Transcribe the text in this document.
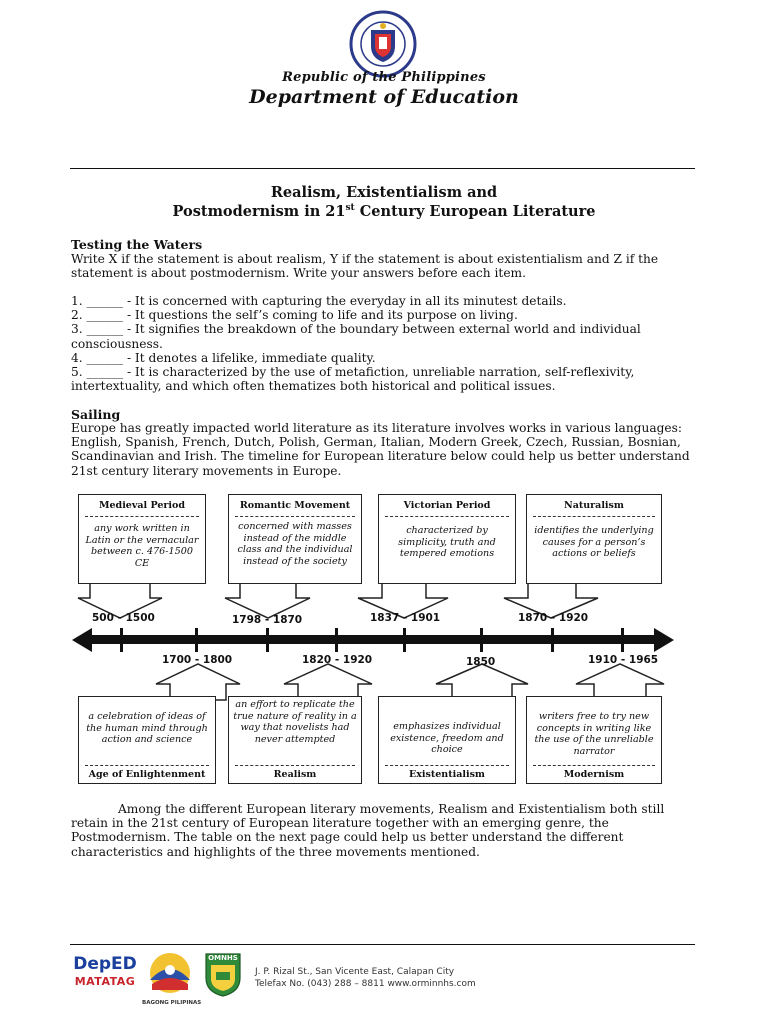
Republic of the Philippines
Department of Education
Realism, Existentialism and
Postmodernism in 21st Century European Literature
Testing the Waters
Write X if the statement is about realism, Y if the statement is about existentialism and Z if the statement is about postmodernism. Write your answers before each item.
1. ______ - It is concerned with capturing the everyday in all its minutest details.
2. ______ - It questions the self’s coming to life and its purpose on living.
3. ______ - It signifies the breakdown of the boundary between external world and individual consciousness.
4. ______ - It denotes a lifelike, immediate quality.
5. ______ - It is characterized by the use of metafiction, unreliable narration, self-reflexivity, intertextuality, and which often thematizes both historical and political issues.
Sailing
Europe has greatly impacted world literature as its literature involves works in various languages: English, Spanish, French, Dutch, Polish, German, Italian, Modern Greek, Czech, Russian, Bosnian, Scandinavian and Irish. The timeline for European literature below could help us better understand 21st century literary movements in Europe.
Medieval Period
any work written in Latin or the vernacular between c. 476-1500 CE
Romantic Movement
concerned with masses instead of the middle class and the individual instead of the society
Victorian Period
characterized by simplicity, truth and tempered emotions
Naturalism
identifies the underlying causes for a person’s actions or beliefs
500 - 1500	1798 - 1870	1837 - 1901	1870 - 1920
1700 - 1800	1820 - 1920	1850	1910 - 1965
a celebration of ideas of the human mind through action and science
Age of Enlightenment
an effort to replicate the true nature of reality in a way that novelists had never attempted
Realism
emphasizes individual existence, freedom and choice
Existentialism
writers free to try new concepts in writing like the use of the unreliable narrator
Modernism
Among the different European literary movements, Realism and Existentialism both still retain in the 21st century of European literature together with an emerging genre, the Postmodernism. The table on the next page could help us better understand the different characteristics and highlights of the three movements mentioned.
DepED
MATATAG
BAGONG PILIPINAS
OMNHS
J. P. Rizal St., San Vicente East, Calapan City
Telefax No. (043) 288 – 8811 www.orminnhs.com
